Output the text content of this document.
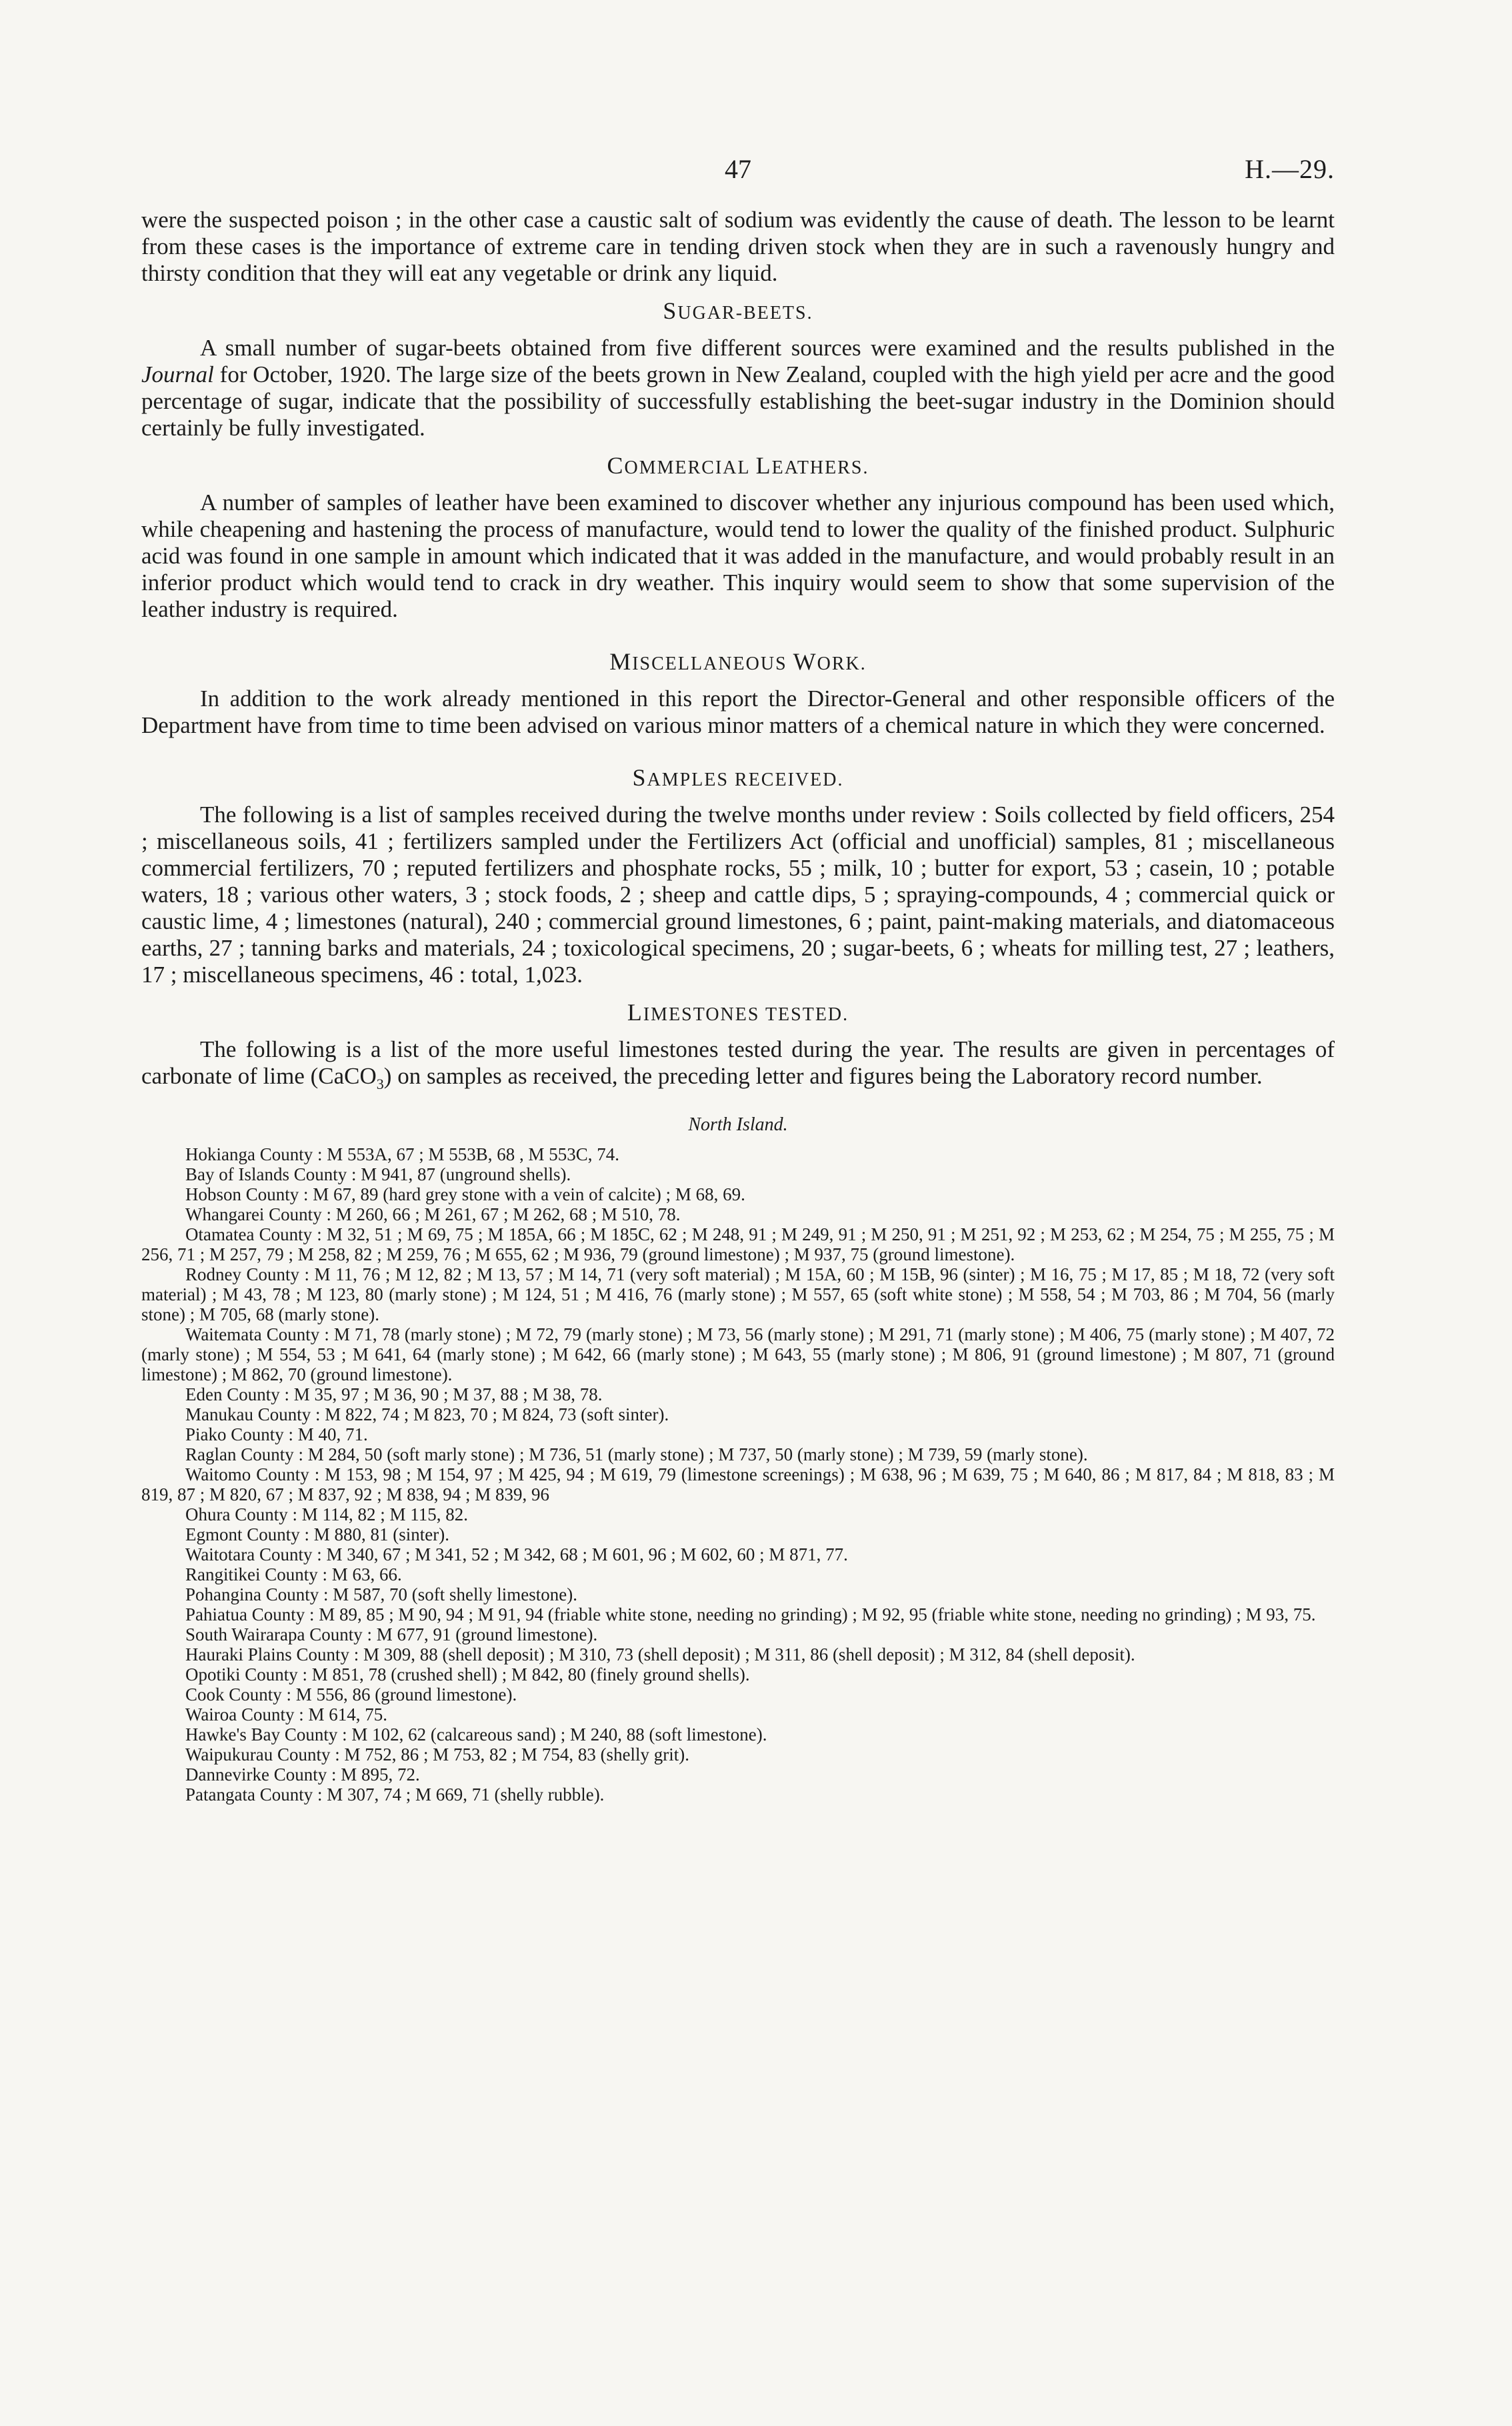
47	H.—29.

were the suspected poison ; in the other case a caustic salt of sodium was evidently the cause of death. The lesson to be learnt from these cases is the importance of extreme care in tending driven stock when they are in such a ravenously hungry and thirsty condition that they will eat any vegetable or drink any liquid.

SUGAR-BEETS.

A small number of sugar-beets obtained from five different sources were examined and the results published in the Journal for October, 1920. The large size of the beets grown in New Zealand, coupled with the high yield per acre and the good percentage of sugar, indicate that the possibility of successfully establishing the beet-sugar industry in the Dominion should certainly be fully investigated.

COMMERCIAL LEATHERS.

A number of samples of leather have been examined to discover whether any injurious compound has been used which, while cheapening and hastening the process of manufacture, would tend to lower the quality of the finished product. Sulphuric acid was found in one sample in amount which indicated that it was added in the manufacture, and would probably result in an inferior product which would tend to crack in dry weather. This inquiry would seem to show that some supervision of the leather industry is required.

MISCELLANEOUS WORK.

In addition to the work already mentioned in this report the Director-General and other responsible officers of the Department have from time to time been advised on various minor matters of a chemical nature in which they were concerned.

SAMPLES RECEIVED.

The following is a list of samples received during the twelve months under review : Soils collected by field officers, 254 ; miscellaneous soils, 41 ; fertilizers sampled under the Fertilizers Act (official and unofficial) samples, 81 ; miscellaneous commercial fertilizers, 70 ; reputed fertilizers and phosphate rocks, 55 ; milk, 10 ; butter for export, 53 ; casein, 10 ; potable waters, 18 ; various other waters, 3 ; stock foods, 2 ; sheep and cattle dips, 5 ; spraying-compounds, 4 ; commercial quick or caustic lime, 4 ; limestones (natural), 240 ; commercial ground limestones, 6 ; paint, paint-making materials, and diatomaceous earths, 27 ; tanning barks and materials, 24 ; toxicological specimens, 20 ; sugar-beets, 6 ; wheats for milling test, 27 ; leathers, 17 ; miscellaneous specimens, 46 : total, 1,023.

LIMESTONES TESTED.

The following is a list of the more useful limestones tested during the year. The results are given in percentages of carbonate of lime (CaCO$_3$) on samples as received, the preceding letter and figures being the Laboratory record number.

North Island.

Hokianga County : M 553A, 67 ; M 553B, 68 , M 553C, 74.

Bay of Islands County : M 941, 87 (unground shells).

Hobson County : M 67, 89 (hard grey stone with a vein of calcite) ; M 68, 69.

Whangarei County : M 260, 66 ; M 261, 67 ; M 262, 68 ; M 510, 78.

Otamatea County : M 32, 51 ; M 69, 75 ; M 185A, 66 ; M 185C, 62 ; M 248, 91 ; M 249, 91 ; M 250, 91 ; M 251, 92 ; M 253, 62 ; M 254, 75 ; M 255, 75 ; M 256, 71 ; M 257, 79 ; M 258, 82 ; M 259, 76 ; M 655, 62 ; M 936, 79 (ground limestone) ; M 937, 75 (ground limestone).

Rodney County : M 11, 76 ; M 12, 82 ; M 13, 57 ; M 14, 71 (very soft material) ; M 15A, 60 ; M 15B, 96 (sinter) ; M 16, 75 ; M 17, 85 ; M 18, 72 (very soft material) ; M 43, 78 ; M 123, 80 (marly stone) ; M 124, 51 ; M 416, 76 (marly stone) ; M 557, 65 (soft white stone) ; M 558, 54 ; M 703, 86 ; M 704, 56 (marly stone) ; M 705, 68 (marly stone).

Waitemata County : M 71, 78 (marly stone) ; M 72, 79 (marly stone) ; M 73, 56 (marly stone) ; M 291, 71 (marly stone) ; M 406, 75 (marly stone) ; M 407, 72 (marly stone) ; M 554, 53 ; M 641, 64 (marly stone) ; M 642, 66 (marly stone) ; M 643, 55 (marly stone) ; M 806, 91 (ground limestone) ; M 807, 71 (ground limestone) ; M 862, 70 (ground limestone).

Eden County : M 35, 97 ; M 36, 90 ; M 37, 88 ; M 38, 78.

Manukau County : M 822, 74 ; M 823, 70 ; M 824, 73 (soft sinter).

Piako County : M 40, 71.

Raglan County : M 284, 50 (soft marly stone) ; M 736, 51 (marly stone) ; M 737, 50 (marly stone) ; M 739, 59 (marly stone).

Waitomo County : M 153, 98 ; M 154, 97 ; M 425, 94 ; M 619, 79 (limestone screenings) ; M 638, 96 ; M 639, 75 ; M 640, 86 ; M 817, 84 ; M 818, 83 ; M 819, 87 ; M 820, 67 ; M 837, 92 ; M 838, 94 ; M 839, 96

Ohura County : M 114, 82 ; M 115, 82.

Egmont County : M 880, 81 (sinter).

Waitotara County : M 340, 67 ; M 341, 52 ; M 342, 68 ; M 601, 96 ; M 602, 60 ; M 871, 77.

Rangitikei County : M 63, 66.

Pohangina County : M 587, 70 (soft shelly limestone).

Pahiatua County : M 89, 85 ; M 90, 94 ; M 91, 94 (friable white stone, needing no grinding) ; M 92, 95 (friable white stone, needing no grinding) ; M 93, 75.

South Wairarapa County : M 677, 91 (ground limestone).

Hauraki Plains County : M 309, 88 (shell deposit) ; M 310, 73 (shell deposit) ; M 311, 86 (shell deposit) ; M 312, 84 (shell deposit).

Opotiki County : M 851, 78 (crushed shell) ; M 842, 80 (finely ground shells).

Cook County : M 556, 86 (ground limestone).

Wairoa County : M 614, 75.

Hawke's Bay County : M 102, 62 (calcareous sand) ; M 240, 88 (soft limestone).

Waipukurau County : M 752, 86 ; M 753, 82 ; M 754, 83 (shelly grit).

Dannevirke County : M 895, 72.

Patangata County : M 307, 74 ; M 669, 71 (shelly rubble).
